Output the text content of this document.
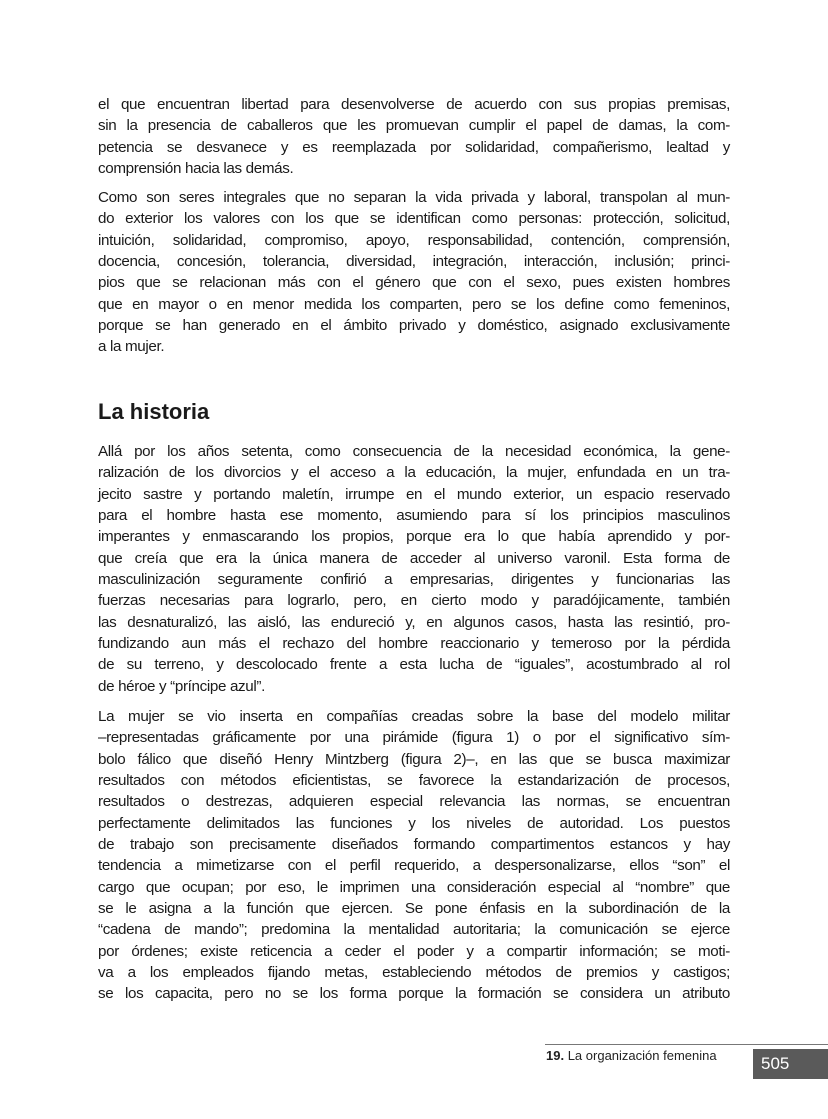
el que encuentran libertad para desenvolverse de acuerdo con sus propias premisas,
sin la presencia de caballeros que les promuevan cumplir el papel de damas, la com-
petencia se desvanece y es reemplazada por solidaridad, compañerismo, lealtad y
comprensión hacia las demás.
Como son seres integrales que no separan la vida privada y laboral, transpolan al mun-
do exterior los valores con los que se identifican como personas: protección, solicitud,
intuición, solidaridad, compromiso, apoyo, responsabilidad, contención, comprensión,
docencia, concesión, tolerancia, diversidad, integración, interacción, inclusión; princi-
pios que se relacionan más con el género que con el sexo, pues existen hombres
que en mayor o en menor medida los comparten, pero se los define como femeninos,
porque se han generado en el ámbito privado y doméstico, asignado exclusivamente
a la mujer.
La historia
Allá por los años setenta, como consecuencia de la necesidad económica, la gene-
ralización de los divorcios y el acceso a la educación, la mujer, enfundada en un tra-
jecito sastre y portando maletín, irrumpe en el mundo exterior, un espacio reservado
para el hombre hasta ese momento, asumiendo para sí los principios masculinos
imperantes y enmascarando los propios, porque era lo que había aprendido y por-
que creía que era la única manera de acceder al universo varonil. Esta forma de
masculinización seguramente confirió a empresarias, dirigentes y funcionarias las
fuerzas necesarias para lograrlo, pero, en cierto modo y paradójicamente, también
las desnaturalizó, las aisló, las endureció y, en algunos casos, hasta las resintió, pro-
fundizando aun más el rechazo del hombre reaccionario y temeroso por la pérdida
de su terreno, y descolocado frente a esta lucha de “iguales”, acostumbrado al rol
de héroe y “príncipe azul”.
La mujer se vio inserta en compañías creadas sobre la base del modelo militar
–representadas gráficamente por una pirámide (figura 1) o por el significativo sím-
bolo fálico que diseñó Henry Mintzberg (figura 2)–, en las que se busca maximizar
resultados con métodos eficientistas, se favorece la estandarización de procesos,
resultados o destrezas, adquieren especial relevancia las normas, se encuentran
perfectamente delimitados las funciones y los niveles de autoridad. Los puestos
de trabajo son precisamente diseñados formando compartimentos estancos y hay
tendencia a mimetizarse con el perfil requerido, a despersonalizarse, ellos “son” el
cargo que ocupan; por eso, le imprimen una consideración especial al “nombre” que
se le asigna a la función que ejercen. Se pone énfasis en la subordinación de la
“cadena de mando”; predomina la mentalidad autoritaria; la comunicación se ejerce
por órdenes; existe reticencia a ceder el poder y a compartir información; se moti-
va a los empleados fijando metas, estableciendo métodos de premios y castigos;
se los capacita, pero no se los forma porque la formación se considera un atributo
19. La organización femenina	505
